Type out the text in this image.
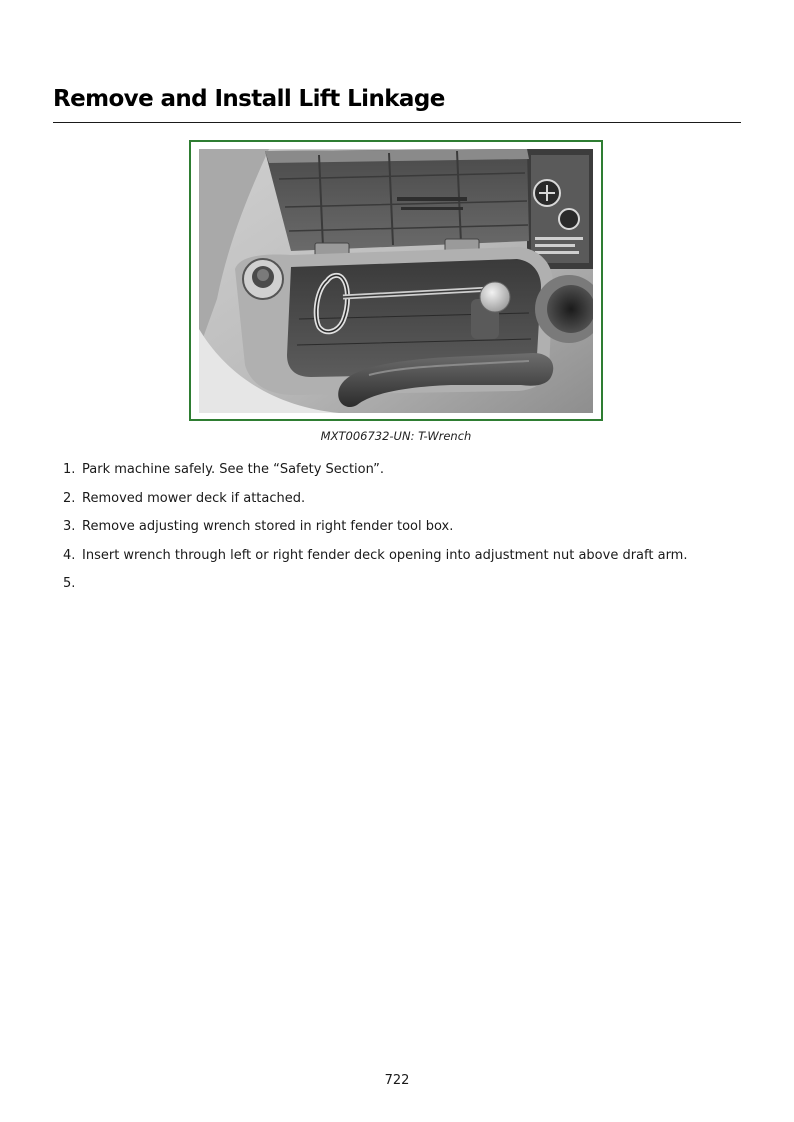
Remove and Install Lift Linkage
MXT006732-UN: T-Wrench
1. Park machine safely. See the “Safety Section”.
2. Removed mower deck if attached.
3. Remove adjusting wrench stored in right fender tool box.
4. Insert wrench through left or right fender deck opening into adjustment nut above draft arm.
5.
722
